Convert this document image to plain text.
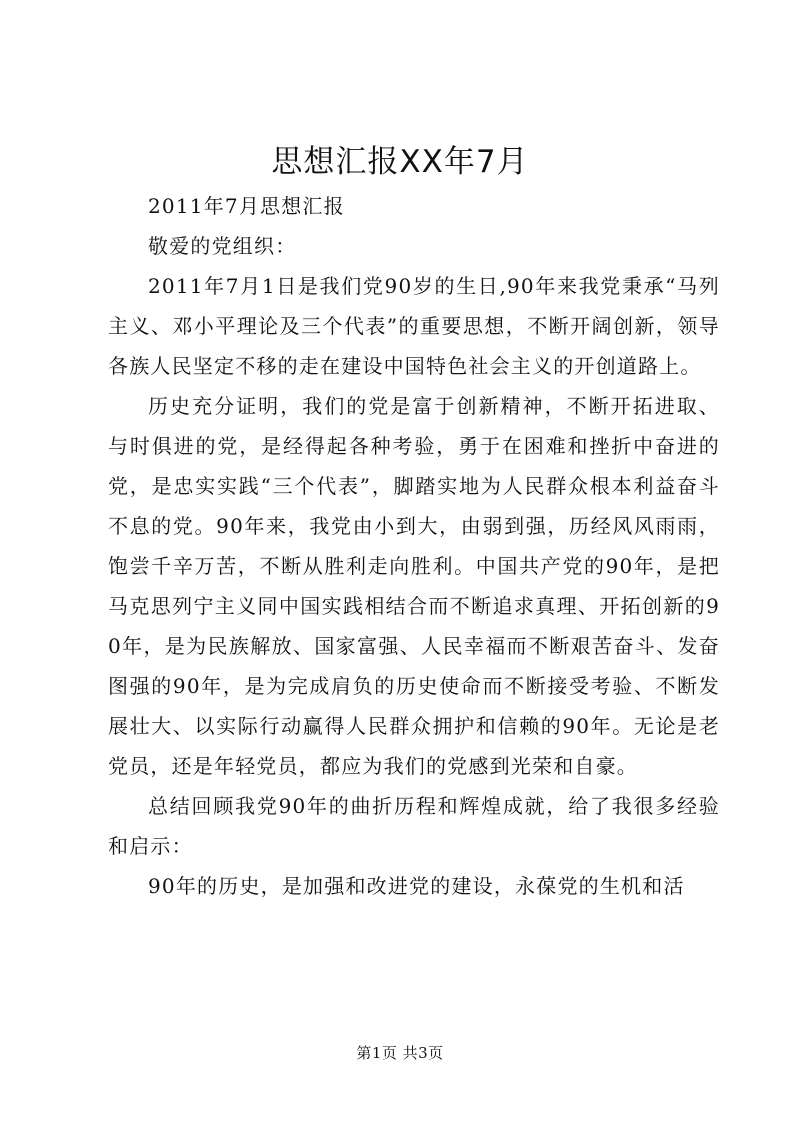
思想汇报XX年7月

2011年7月思想汇报

敬爱的党组织：

2011年7月1日是我们党90岁的生日,90年来我党秉承“马列主义、邓小平理论及三个代表”的重要思想，不断开阔创新，领导各族人民坚定不移的走在建设中国特色社会主义的开创道路上。

历史充分证明，我们的党是富于创新精神，不断开拓进取、与时俱进的党，是经得起各种考验，勇于在困难和挫折中奋进的党，是忠实实践“三个代表”，脚踏实地为人民群众根本利益奋斗不息的党。90年来，我党由小到大，由弱到强，历经风风雨雨，饱尝千辛万苦，不断从胜利走向胜利。中国共产党的90年，是把马克思列宁主义同中国实践相结合而不断追求真理、开拓创新的90年，是为民族解放、国家富强、人民幸福而不断艰苦奋斗、发奋图强的90年，是为完成肩负的历史使命而不断接受考验、不断发展壮大、以实际行动赢得人民群众拥护和信赖的90年。无论是老党员，还是年轻党员，都应为我们的党感到光荣和自豪。

总结回顾我党90年的曲折历程和辉煌成就，给了我很多经验和启示：

90年的历史，是加强和改进党的建设，永葆党的生机和活

第1页 共3页
